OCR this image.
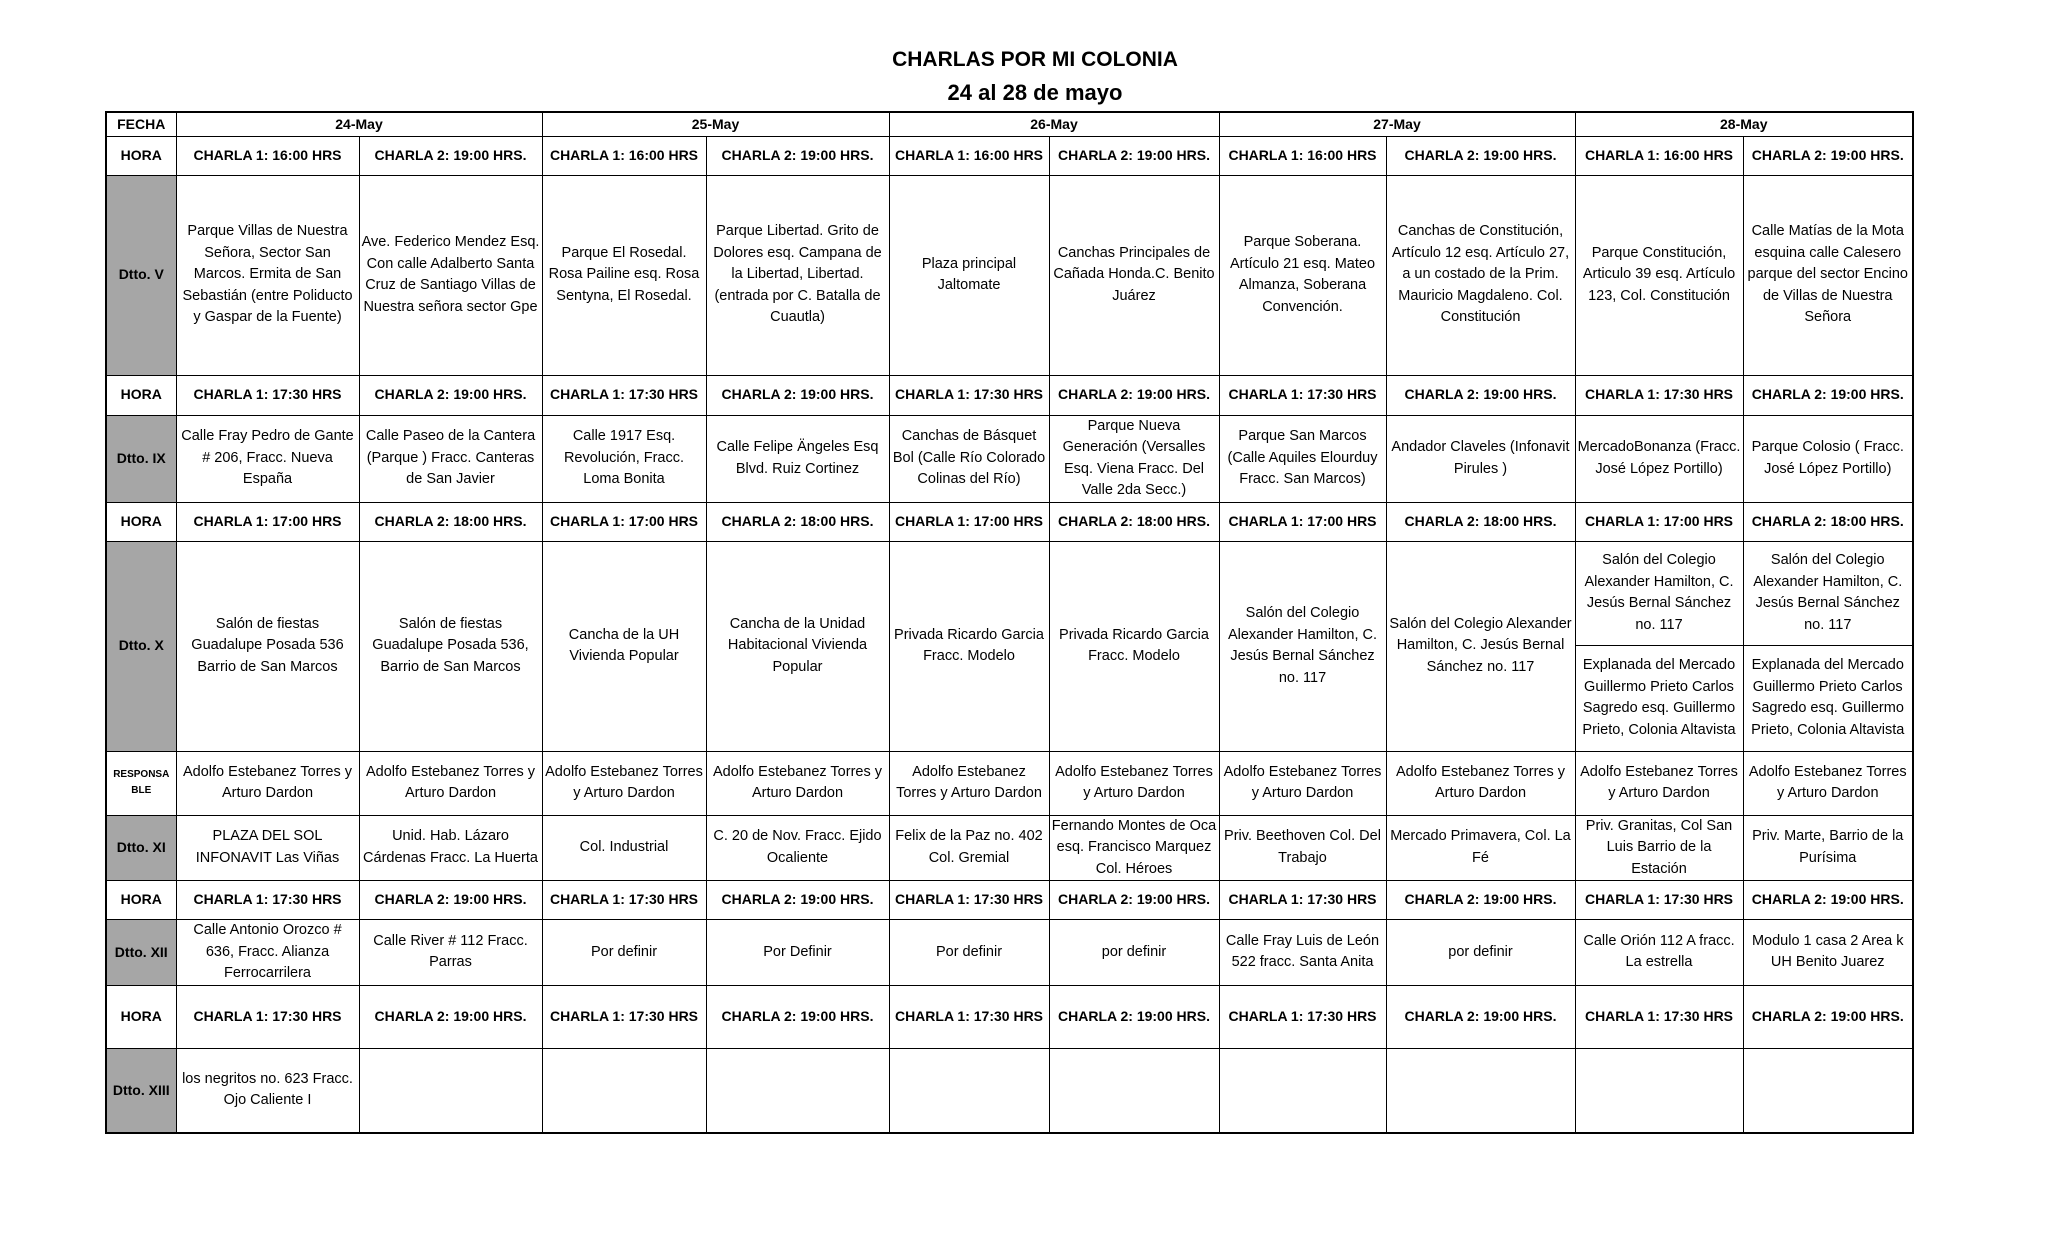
CHARLAS POR MI COLONIA
24 al 28 de mayo
FECHA	24-May		25-May		26-May		27-May		28-May	
HORA	CHARLA 1: 16:00 HRS	CHARLA 2: 19:00 HRS.	CHARLA 1: 16:00 HRS	CHARLA 2: 19:00 HRS.	CHARLA 1: 16:00 HRS	CHARLA 2: 19:00 HRS.	CHARLA 1: 16:00 HRS	CHARLA 2: 19:00 HRS.	CHARLA 1: 16:00 HRS	CHARLA 2: 19:00 HRS.
Dtto. V	Parque Villas de Nuestra Señora, Sector San Marcos. Ermita de San Sebastián (entre Poliducto y Gaspar de la Fuente)	Ave. Federico Mendez Esq. Con calle Adalberto Santa Cruz de Santiago Villas de Nuestra señora sector Gpe	Parque El Rosedal. Rosa Pailine esq. Rosa Sentyna, El Rosedal.	Parque Libertad. Grito de Dolores esq. Campana de la Libertad, Libertad. (entrada por C. Batalla de Cuautla)	Plaza principal Jaltomate	Canchas Principales de Cañada Honda.C. Benito Juárez	Parque Soberana. Artículo 21 esq. Mateo Almanza, Soberana Convención.	Canchas de Constitución, Artículo 12 esq. Artículo 27, a un costado de la Prim. Mauricio Magdaleno. Col. Constitución	Parque Constitución, Articulo 39 esq. Artículo 123, Col. Constitución	Calle Matías de la Mota esquina calle Calesero parque del sector Encino de Villas de Nuestra Señora
HORA	CHARLA 1: 17:30 HRS	CHARLA 2: 19:00 HRS.	CHARLA 1: 17:30 HRS	CHARLA 2: 19:00 HRS.	CHARLA 1: 17:30 HRS	CHARLA 2: 19:00 HRS.	CHARLA 1: 17:30 HRS	CHARLA 2: 19:00 HRS.	CHARLA 1: 17:30 HRS	CHARLA 2: 19:00 HRS.
Dtto. IX	Calle Fray Pedro de Gante # 206, Fracc. Nueva España	Calle Paseo de la Cantera (Parque ) Fracc. Canteras de San Javier	Calle 1917 Esq. Revolución, Fracc. Loma Bonita	Calle Felipe Ängeles Esq Blvd. Ruiz Cortinez	Canchas de Básquet Bol (Calle Río Colorado Colinas del Río)	Parque Nueva Generación (Versalles Esq. Viena Fracc. Del Valle 2da Secc.)	Parque San Marcos (Calle Aquiles Elourduy Fracc. San Marcos)	Andador Claveles (Infonavit Pirules )	MercadoBonanza (Fracc. José López Portillo)	Parque Colosio ( Fracc. José López Portillo)
HORA	CHARLA 1: 17:00 HRS	CHARLA 2: 18:00 HRS.	CHARLA 1: 17:00 HRS	CHARLA 2: 18:00 HRS.	CHARLA 1: 17:00 HRS	CHARLA 2: 18:00 HRS.	CHARLA 1: 17:00 HRS	CHARLA 2: 18:00 HRS.	CHARLA 1: 17:00 HRS	CHARLA 2: 18:00 HRS.
Dtto. X	Salón de fiestas Guadalupe Posada 536 Barrio de San Marcos	Salón de fiestas Guadalupe Posada 536, Barrio de San Marcos	Cancha de la UH Vivienda Popular	Cancha de la Unidad Habitacional Vivienda Popular	Privada Ricardo Garcia Fracc. Modelo	Privada Ricardo Garcia Fracc. Modelo	Salón del Colegio Alexander Hamilton, C. Jesús Bernal Sánchez no. 117	Salón del Colegio Alexander Hamilton, C. Jesús Bernal Sánchez no. 117	Salón del Colegio Alexander Hamilton, C. Jesús Bernal Sánchez no. 117	Salón del Colegio Alexander Hamilton, C. Jesús Bernal Sánchez no. 117
									Explanada del Mercado Guillermo Prieto Carlos Sagredo esq. Guillermo Prieto, Colonia Altavista	Explanada del Mercado Guillermo Prieto Carlos Sagredo esq. Guillermo Prieto, Colonia Altavista

RESPONSA
BLE	Adolfo Estebanez Torres y Arturo Dardon	Adolfo Estebanez Torres y Arturo Dardon	Adolfo Estebanez Torres y Arturo Dardon	Adolfo Estebanez Torres y Arturo Dardon	Adolfo Estebanez Torres y Arturo Dardon	Adolfo Estebanez Torres y Arturo Dardon	Adolfo Estebanez Torres y Arturo Dardon	Adolfo Estebanez Torres y Arturo Dardon	Adolfo Estebanez Torres y Arturo Dardon	Adolfo Estebanez Torres y Arturo Dardon
Dtto. XI	PLAZA DEL SOL INFONAVIT Las Viñas	Unid. Hab. Lázaro Cárdenas Fracc. La Huerta	Col. Industrial	C. 20 de Nov. Fracc. Ejido Ocaliente	Felix de la Paz no. 402 Col. Gremial	Fernando Montes de Oca esq. Francisco Marquez Col. Héroes	Priv. Beethoven Col. Del Trabajo	Mercado Primavera, Col. La Fé	Priv. Granitas, Col San Luis Barrio de la Estación	Priv. Marte, Barrio de la Purísima
HORA	CHARLA 1: 17:30 HRS	CHARLA 2: 19:00 HRS.	CHARLA 1: 17:30 HRS	CHARLA 2: 19:00 HRS.	CHARLA 1: 17:30 HRS	CHARLA 2: 19:00 HRS.	CHARLA 1: 17:30 HRS	CHARLA 2: 19:00 HRS.	CHARLA 1: 17:30 HRS	CHARLA 2: 19:00 HRS.
Dtto. XII	Calle Antonio Orozco # 636, Fracc. Alianza Ferrocarrilera	Calle River # 112 Fracc. Parras	Por definir	Por Definir	Por definir	por definir	Calle Fray Luis de León 522 fracc. Santa Anita	por definir	Calle Orión 112 A fracc. La estrella	Modulo 1 casa 2 Area k UH Benito Juarez
HORA	CHARLA 1: 17:30 HRS	CHARLA 2: 19:00 HRS.	CHARLA 1: 17:30 HRS	CHARLA 2: 19:00 HRS.	CHARLA 1: 17:30 HRS	CHARLA 2: 19:00 HRS.	CHARLA 1: 17:30 HRS	CHARLA 2: 19:00 HRS.	CHARLA 1: 17:30 HRS	CHARLA 2: 19:00 HRS.
Dtto. XIII	los negritos no. 623 Fracc. Ojo Caliente I									
